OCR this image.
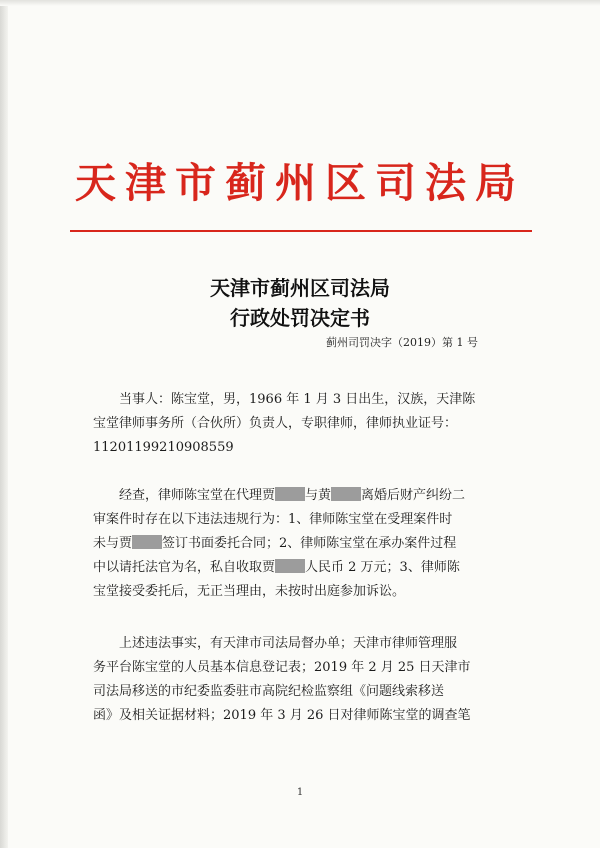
天津市蓟州区司法局
天津市蓟州区司法局
行政处罚决定书
蓟州司罚决字（2019）第 1 号
当事人：陈宝堂，男，1966 年 1 月 3 日出生，汉族，天津陈
宝堂律师事务所（合伙所）负责人，专职律师，律师执业证号：
11201199210908559
经查，律师陈宝堂在代理贾 与黄 离婚后财产纠纷二
审案件时存在以下违法违规行为：1、律师陈宝堂在受理案件时
未与贾 签订书面委托合同；2、律师陈宝堂在承办案件过程
中以请托法官为名，私自收取贾 人民币 2 万元；3、律师陈
宝堂接受委托后，无正当理由，未按时出庭参加诉讼。
上述违法事实，有天津市司法局督办单；天津市律师管理服
务平台陈宝堂的人员基本信息登记表；2019 年 2 月 25 日天津市
司法局移送的市纪委监委驻市高院纪检监察组《问题线索移送
函》及相关证据材料；2019 年 3 月 26 日对律师陈宝堂的调查笔
1
